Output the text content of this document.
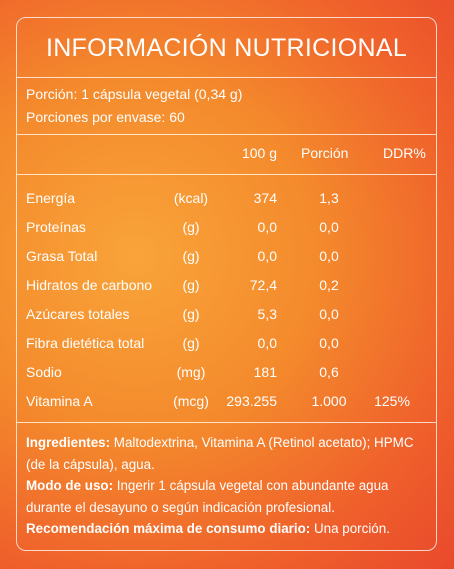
INFORMACIÓN NUTRICIONAL
Porción: 1 cápsula vegetal (0,34 g)
Porciones por envase: 60
100 g Porción DDR%
Energía	(kcal)	374	1,3
Proteínas	(g)	0,0	0,0
Grasa Total	(g)	0,0	0,0
Hidratos de carbono	(g)	72,4	0,2
Azúcares totales	(g)	5,3	0,0
Fibra dietética total	(g)	0,0	0,0
Sodio	(mg)	181	0,6
Vitamina A	(mcg) 293.255	1.000	125%

Ingredientes: Maltodextrina, Vitamina A (Retinol acetato); HPMC (de la cápsula), agua.

Modo de uso: Ingerir 1 cápsula vegetal con abundante agua durante el desayuno o según indicación profesional.

Recomendación máxima de consumo diario: Una porción.
